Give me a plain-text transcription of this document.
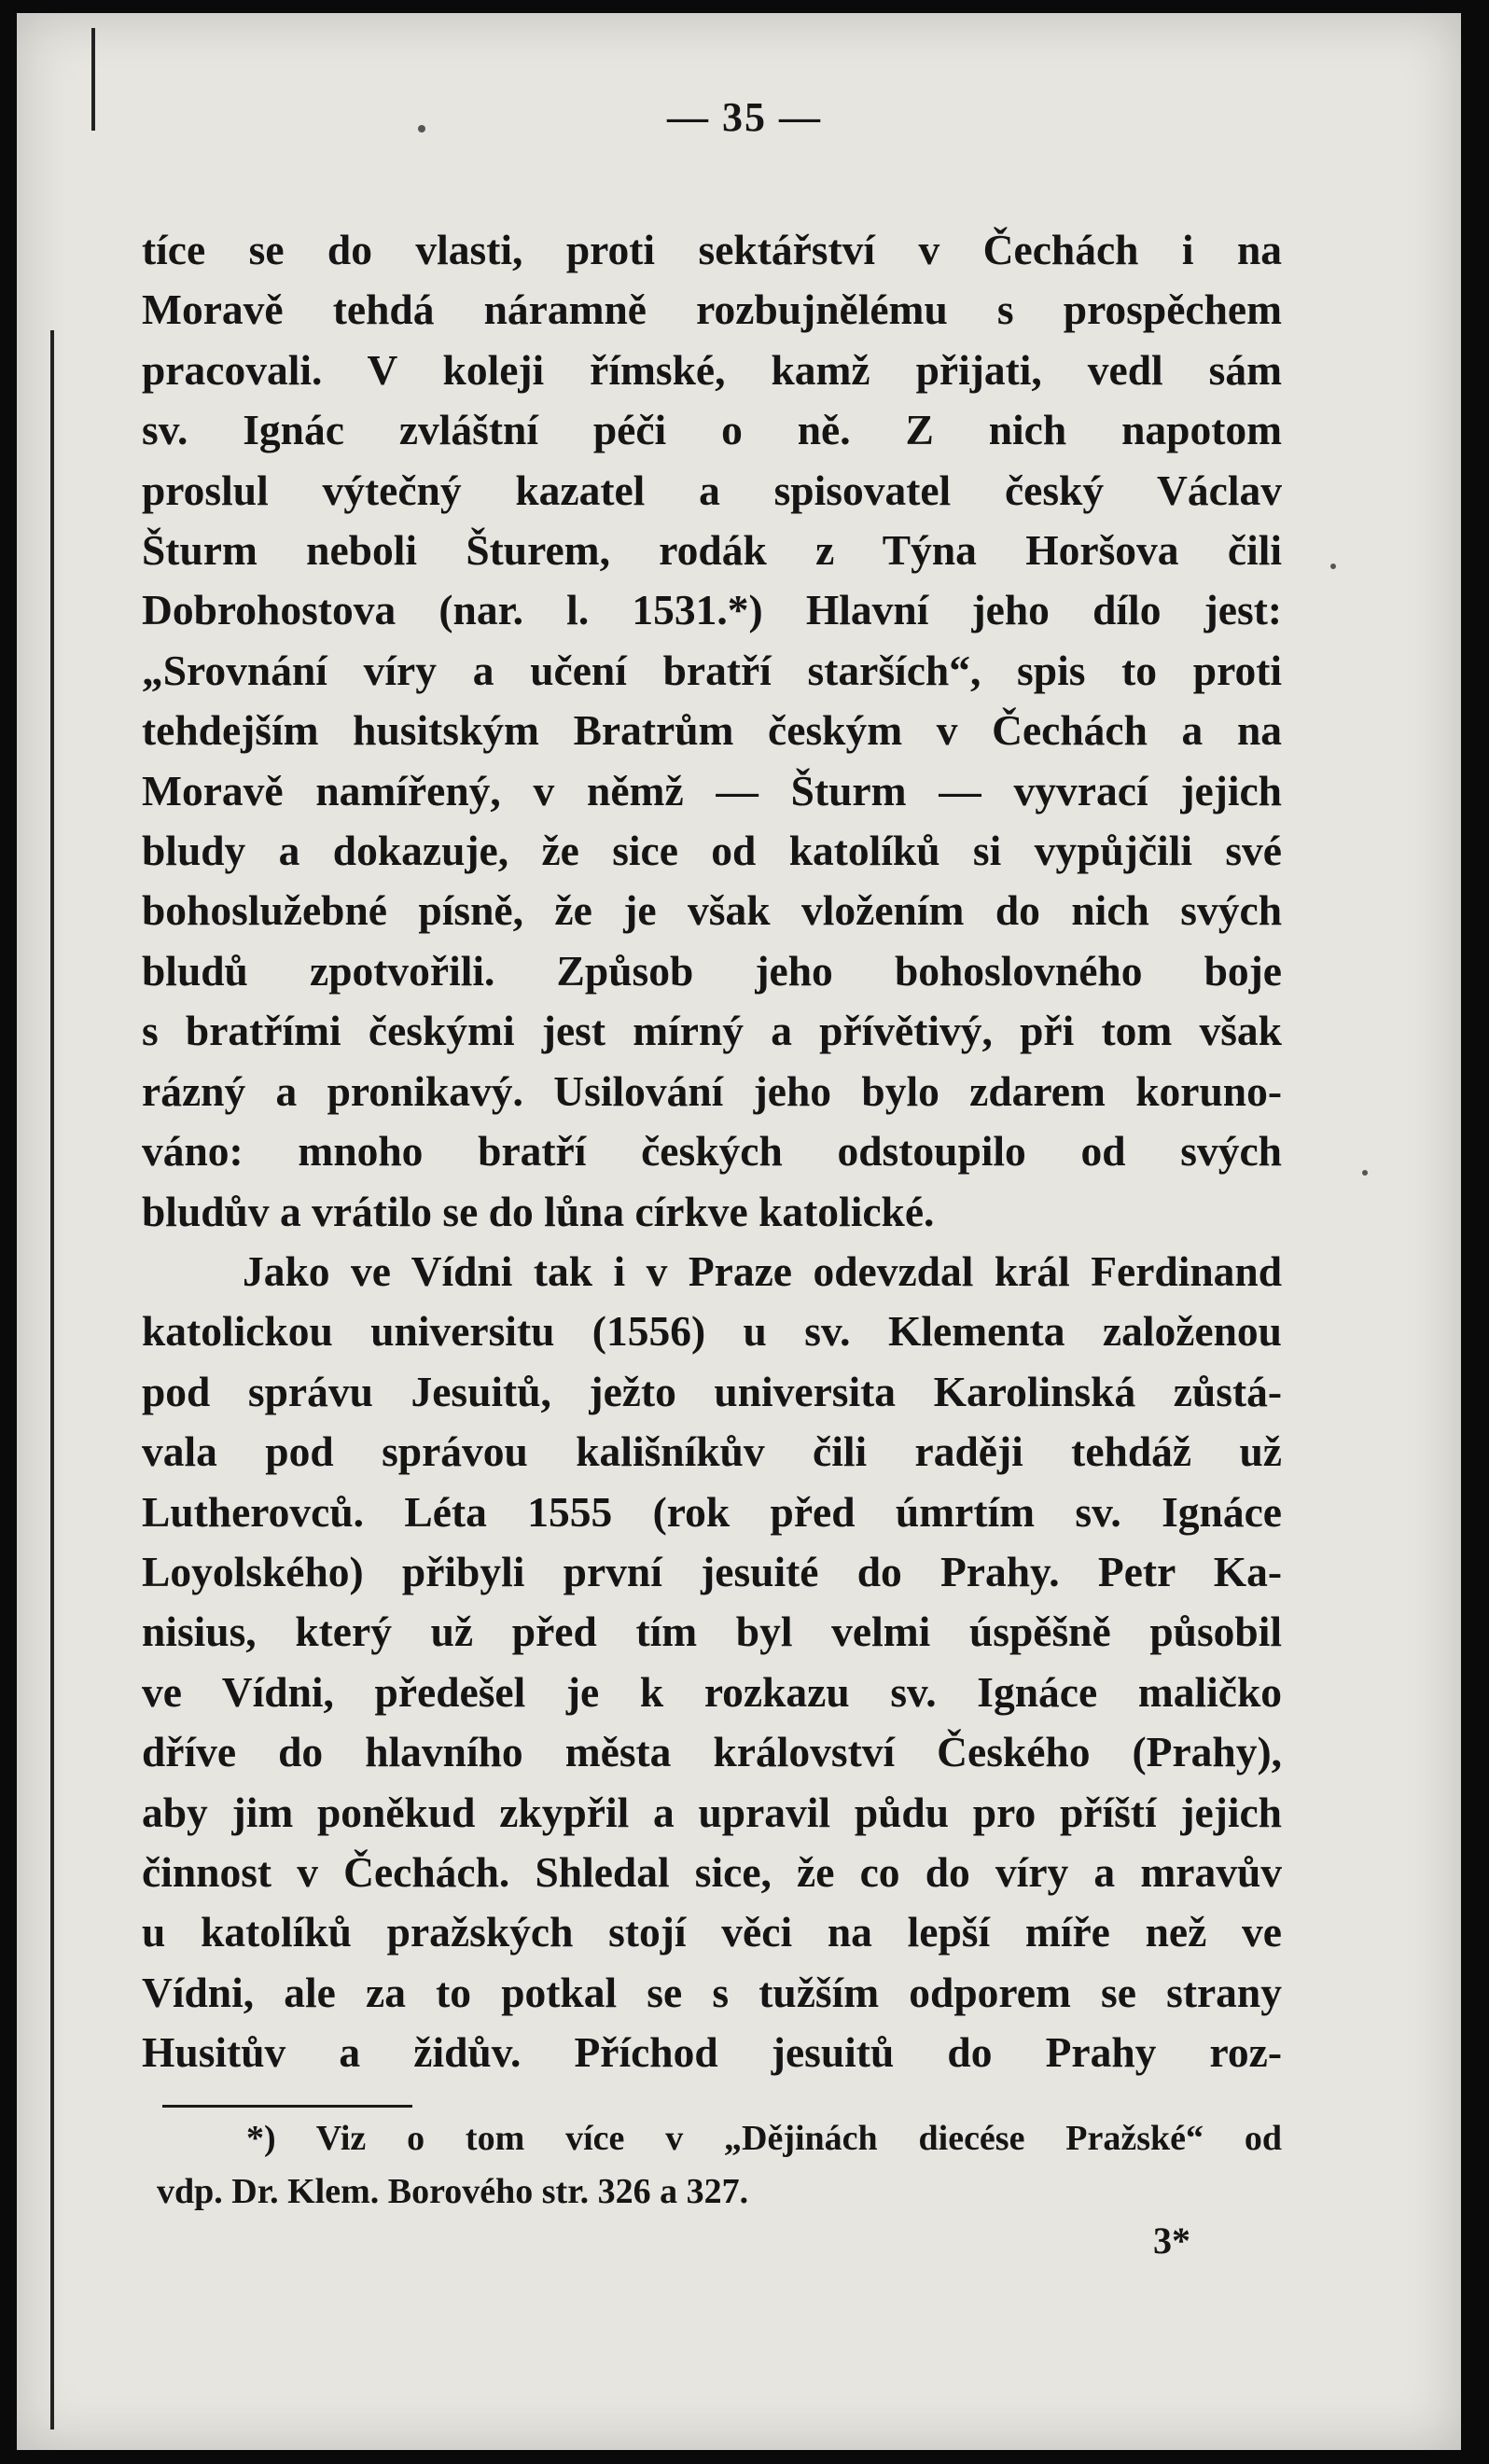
— 35 —
tíce se do vlasti, proti sektářství v Čechách i na
Moravě tehdá náramně rozbujnělému s prospěchem
pracovali. V koleji římské, kamž přijati, vedl sám
sv. Ignác zvláštní péči o ně. Z nich napotom
proslul výtečný kazatel a spisovatel český Václav
Šturm neboli Šturem, rodák z Týna Horšova čili
Dobrohostova (nar. l. 1531.*) Hlavní jeho dílo jest:
„Srovnání víry a učení bratří starších“, spis to proti
tehdejším husitským Bratrům českým v Čechách a na
Moravě namířený, v němž — Šturm — vyvrací jejich
bludy a dokazuje, že sice od katolíků si vypůjčili své
bohoslužebné písně, že je však vložením do nich svých
bludů zpotvořili. Způsob jeho bohoslovného boje
s bratřími českými jest mírný a přívětivý, při tom však
rázný a pronikavý. Usilování jeho bylo zdarem koruno-
váno: mnoho bratří českých odstoupilo od svých
bludův a vrátilo se do lůna církve katolické.
Jako ve Vídni tak i v Praze odevzdal král Ferdinand
katolickou universitu (1556) u sv. Klementa založenou
pod správu Jesuitů, ježto universita Karolinská zůstá-
vala pod správou kališníkův čili raději tehdáž už
Lutherovců. Léta 1555 (rok před úmrtím sv. Ignáce
Loyolského) přibyli první jesuité do Prahy. Petr Ka-
nisius, který už před tím byl velmi úspěšně působil
ve Vídni, předešel je k rozkazu sv. Ignáce maličko
dříve do hlavního města království Českého (Prahy),
aby jim poněkud zkypřil a upravil půdu pro příští jejich
činnost v Čechách. Shledal sice, že co do víry a mravův
u katolíků pražských stojí věci na lepší míře než ve
Vídni, ale za to potkal se s tužším odporem se strany
Husitův a židův. Příchod jesuitů do Prahy roz-
*) Viz o tom více v „Dějinách diecése Pražské“ od
vdp. Dr. Klem. Borového str. 326 a 327.
3*
